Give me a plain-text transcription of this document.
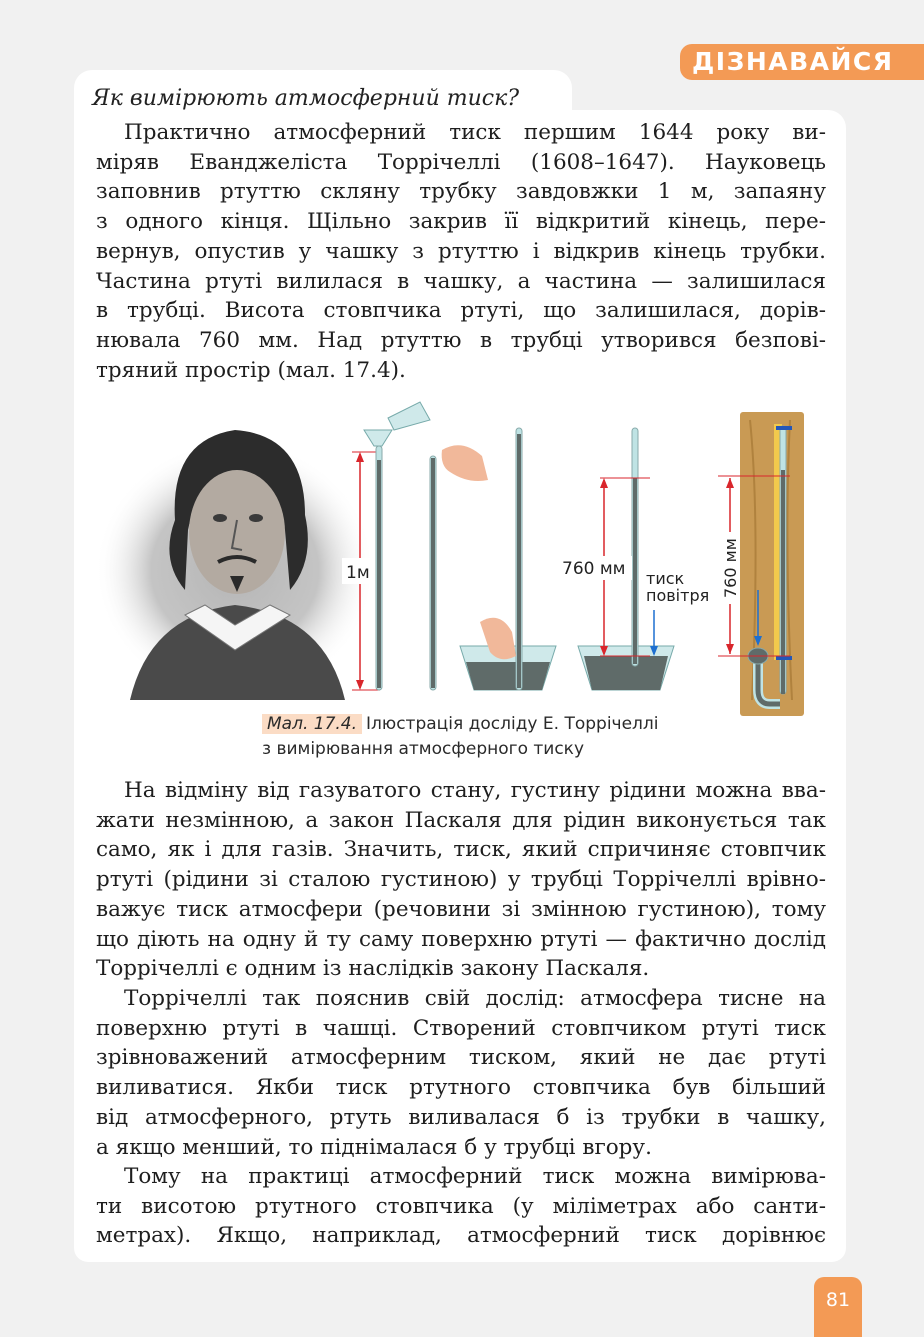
ДІЗНАВАЙСЯ
Як вимірюють атмосферний тиск?
Практично атмосферний тиск першим 1644 року ви-
міряв Еванджеліста Торрічеллі (1608–1647). Науковець
заповнив ртуттю скляну трубку завдовжки 1 м, запаяну
з одного кінця. Щільно закрив її відкритий кінець, пере-
вернув, опустив у чашку з ртуттю і відкрив кінець трубки.
Частина ртуті вилилася в чашку, а частина — залишилася
в трубці. Висота стовпчика ртуті, що залишилася, дорів-
нювала 760 мм. Над ртуттю в трубці утворився безпові-
тряний простір (мал. 17.4).
1м	760 мм тиск
повітря 760 мм
Мал. 17.4. Ілюстрація досліду Е. Торрічеллі
з вимірювання атмосферного тиску
На відміну від газуватого стану, густину рідини можна вва-
жати незмінною, а закон Паскаля для рідин виконується так
само, як і для газів. Значить, тиск, який спричиняє стовпчик
ртуті (рідини зі сталою густиною) у трубці Торрічеллі врівно-
важує тиск атмосфери (речовини зі змінною густиною), тому
що діють на одну й ту саму поверхню ртуті — фактично дослід
Торрічеллі є одним із наслідків закону Паскаля.
Торрічеллі так пояснив свій дослід: атмосфера тисне на
поверхню ртуті в чашці. Створений стовпчиком ртуті тиск
зрівноважений атмосферним тиском, який не дає ртуті
виливатися. Якби тиск ртутного стовпчика був більший
від атмосферного, ртуть виливалася б із трубки в чашку,
а якщо менший, то піднімалася б у трубці вгору.
Тому на практиці атмосферний тиск можна вимірюва-
ти висотою ртутного стовпчика (у міліметрах або санти-
метрах). Якщо, наприклад, атмосферний тиск дорівнює
81
